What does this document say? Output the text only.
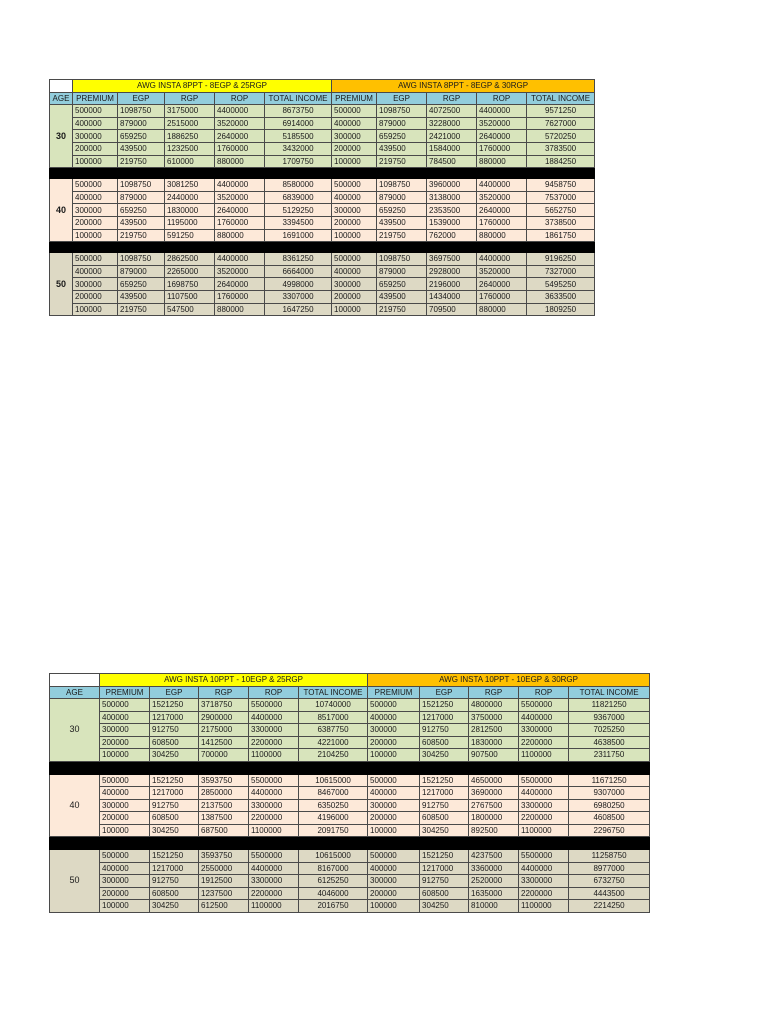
	AWG INSTA 8PPT - 8EGP & 25RGP					AWG INSTA 8PPT - 8EGP & 30RGP				
AGE	PREMIUM	EGP	RGP	ROP	TOTAL INCOME	PREMIUM	EGP	RGP	ROP	TOTAL INCOME
30	500000	1098750	3175000	4400000	8673750	500000	1098750	4072500	4400000	9571250
	400000	879000	2515000	3520000	6914000	400000	879000	3228000	3520000	7627000
	300000	659250	1886250	2640000	5185500	300000	659250	2421000	2640000	5720250
	200000	439500	1232500	1760000	3432000	200000	439500	1584000	1760000	3783500
	100000	219750	610000	880000	1709750	100000	219750	784500	880000	1884250

40	500000	1098750	3081250	4400000	8580000	500000	1098750	3960000	4400000	9458750
	400000	879000	2440000	3520000	6839000	400000	879000	3138000	3520000	7537000
	300000	659250	1830000	2640000	5129250	300000	659250	2353500	2640000	5652750
	200000	439500	1195000	1760000	3394500	200000	439500	1539000	1760000	3738500
	100000	219750	591250	880000	1691000	100000	219750	762000	880000	1861750

50	500000	1098750	2862500	4400000	8361250	500000	1098750	3697500	4400000	9196250
	400000	879000	2265000	3520000	6664000	400000	879000	2928000	3520000	7327000
	300000	659250	1698750	2640000	4998000	300000	659250	2196000	2640000	5495250
	200000	439500	1107500	1760000	3307000	200000	439500	1434000	1760000	3633500
	100000	219750	547500	880000	1647250	100000	219750	709500	880000	1809250
	AWG INSTA 10PPT - 10EGP & 25RGP					AWG INSTA 10PPT - 10EGP & 30RGP				
AGE	PREMIUM	EGP	RGP	ROP	TOTAL INCOME	PREMIUM	EGP	RGP	ROP	TOTAL INCOME
30	500000	1521250	3718750	5500000	10740000	500000	1521250	4800000	5500000	11821250
	400000	1217000	2900000	4400000	8517000	400000	1217000	3750000	4400000	9367000
	300000	912750	2175000	3300000	6387750	300000	912750	2812500	3300000	7025250
	200000	608500	1412500	2200000	4221000	200000	608500	1830000	2200000	4638500
	100000	304250	700000	1100000	2104250	100000	304250	907500	1100000	2311750

40	500000	1521250	3593750	5500000	10615000	500000	1521250	4650000	5500000	11671250
	400000	1217000	2850000	4400000	8467000	400000	1217000	3690000	4400000	9307000
	300000	912750	2137500	3300000	6350250	300000	912750	2767500	3300000	6980250
	200000	608500	1387500	2200000	4196000	200000	608500	1800000	2200000	4608500
	100000	304250	687500	1100000	2091750	100000	304250	892500	1100000	2296750

50	500000	1521250	3593750	5500000	10615000	500000	1521250	4237500	5500000	11258750
	400000	1217000	2550000	4400000	8167000	400000	1217000	3360000	4400000	8977000
	300000	912750	1912500	3300000	6125250	300000	912750	2520000	3300000	6732750
	200000	608500	1237500	2200000	4046000	200000	608500	1635000	2200000	4443500
	100000	304250	612500	1100000	2016750	100000	304250	810000	1100000	2214250
